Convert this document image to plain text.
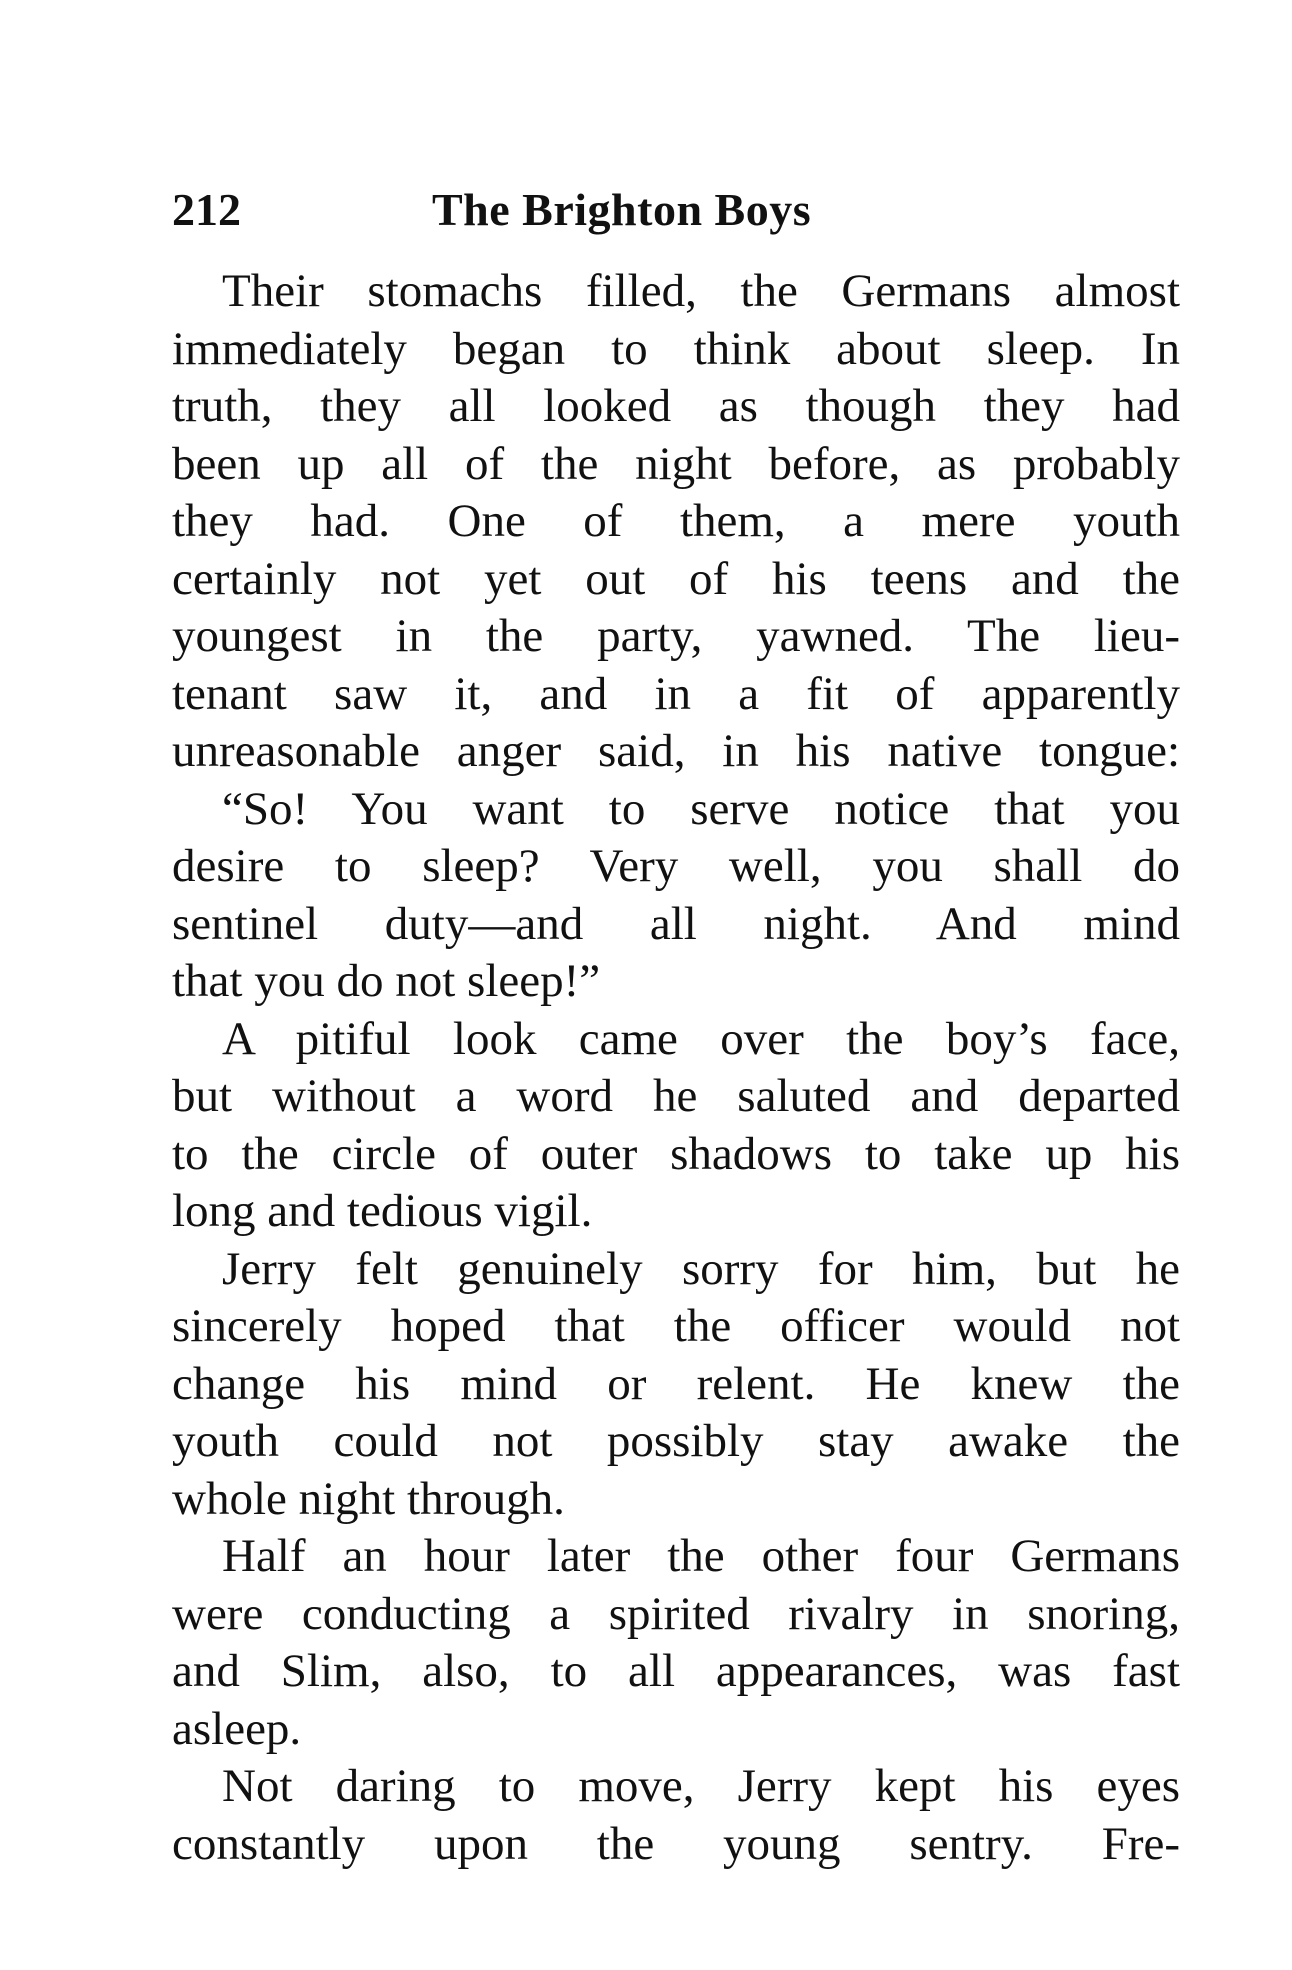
212	The Brighton Boys
Their stomachs filled, the Germans almost
immediately began to think about sleep. In
truth, they all looked as though they had
been up all of the night before, as probably
they had. One of them, a mere youth
certainly not yet out of his teens and the
youngest in the party, yawned. The lieu-
tenant saw it, and in a fit of apparently
unreasonable anger said, in his native tongue:
“So! You want to serve notice that you
desire to sleep? Very well, you shall do
sentinel duty—and all night. And mind
that you do not sleep!”
A pitiful look came over the boy’s face,
but without a word he saluted and departed
to the circle of outer shadows to take up his
long and tedious vigil.
Jerry felt genuinely sorry for him, but he
sincerely hoped that the officer would not
change his mind or relent. He knew the
youth could not possibly stay awake the
whole night through.
Half an hour later the other four Germans
were conducting a spirited rivalry in snoring,
and Slim, also, to all appearances, was fast
asleep.
Not daring to move, Jerry kept his eyes
constantly upon the young sentry. Fre-
